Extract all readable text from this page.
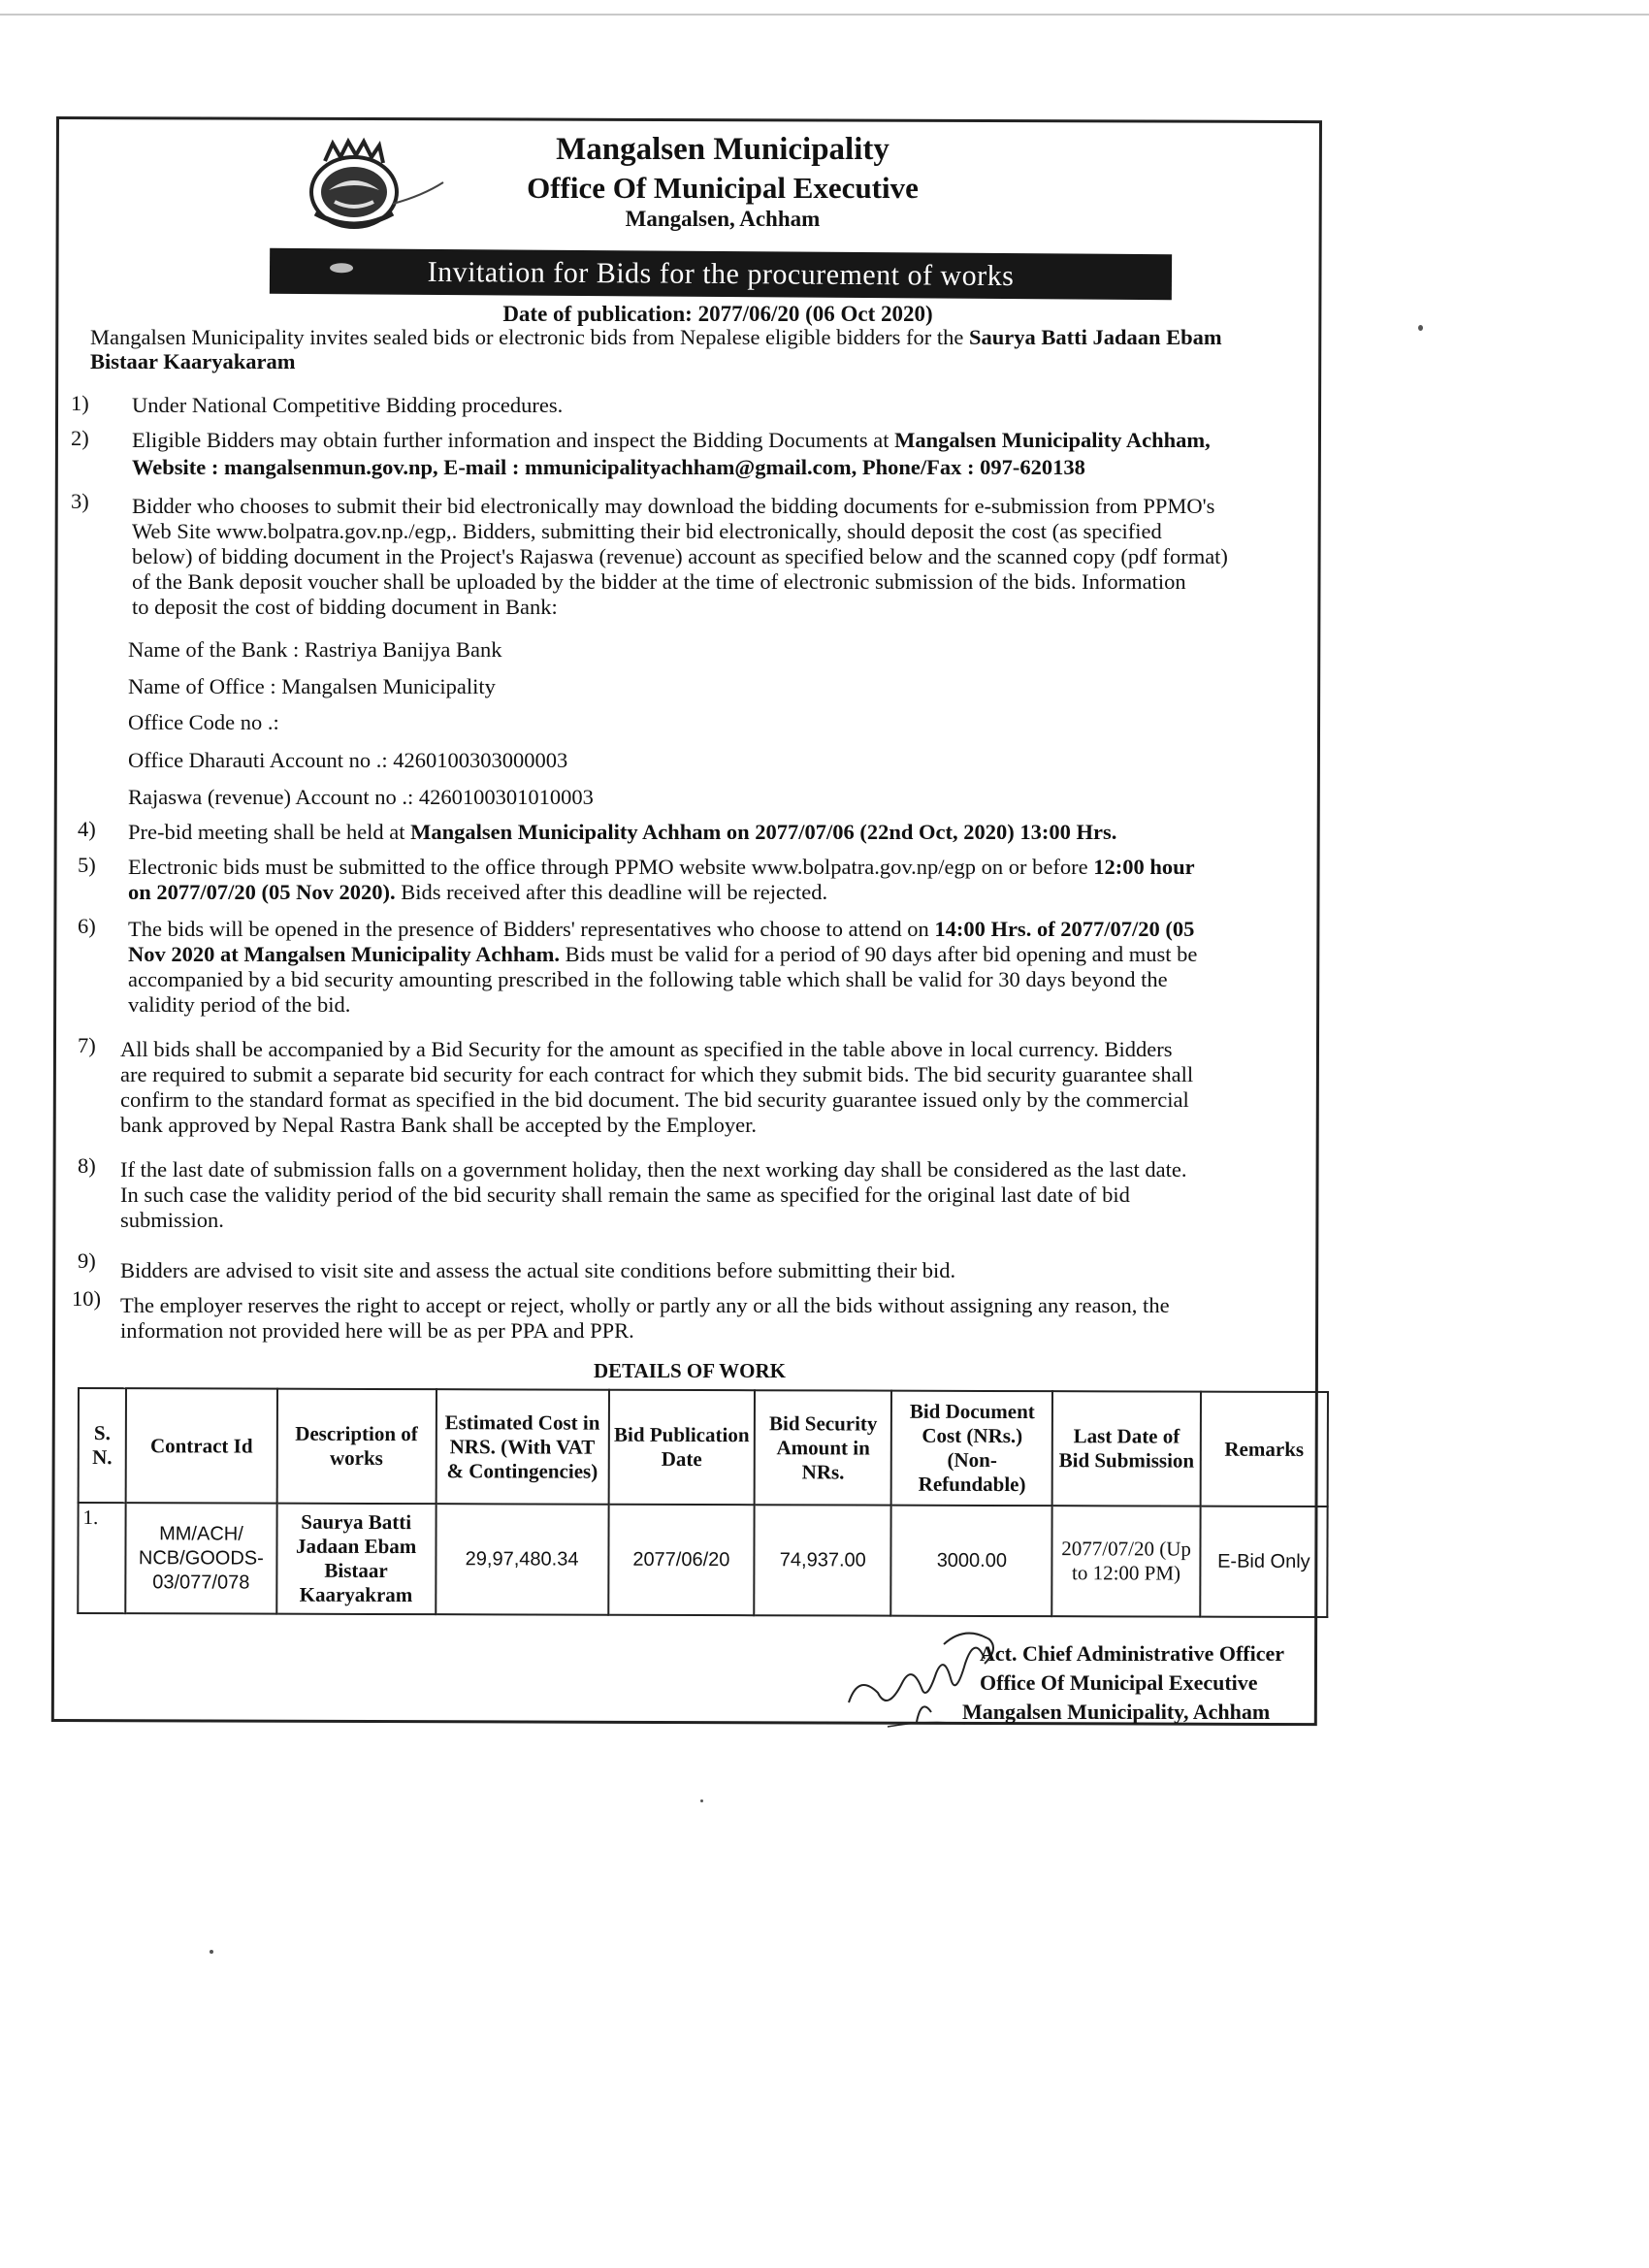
Mangalsen Municipality
Office Of Municipal Executive
Mangalsen, Achham
Invitation for Bids for the procurement of works
Date of publication: 2077/06/20 (06 Oct 2020)
Mangalsen Municipality invites sealed bids or electronic bids from Nepalese eligible bidders for the Saurya Batti Jadaan Ebam
Bistaar Kaaryakaram
1) Under National Competitive Bidding procedures.
2) Eligible Bidders may obtain further information and inspect the Bidding Documents at Mangalsen Municipality Achham,
Website : mangalsenmun.gov.np, E-mail : mmunicipalityachham@gmail.com, Phone/Fax : 097-620138
3) Bidder who chooses to submit their bid electronically may download the bidding documents for e-submission from PPMO's
Web Site www.bolpatra.gov.np./egp,. Bidders, submitting their bid electronically, should deposit the cost (as specified
below) of bidding document in the Project's Rajaswa (revenue) account as specified below and the scanned copy (pdf format)
of the Bank deposit voucher shall be uploaded by the bidder at the time of electronic submission of the bids. Information
to deposit the cost of bidding document in Bank:
Name of the Bank : Rastriya Banijya Bank
Name of Office : Mangalsen Municipality
Office Code no .:
Office Dharauti Account no .: 4260100303000003
Rajaswa (revenue) Account no .: 4260100301010003
4) Pre-bid meeting shall be held at Mangalsen Municipality Achham on 2077/07/06 (22nd Oct, 2020) 13:00 Hrs.
5) Electronic bids must be submitted to the office through PPMO website www.bolpatra.gov.np/egp on or before 12:00 hour
on 2077/07/20 (05 Nov 2020). Bids received after this deadline will be rejected.
6) The bids will be opened in the presence of Bidders' representatives who choose to attend on 14:00 Hrs. of 2077/07/20 (05
Nov 2020 at Mangalsen Municipality Achham. Bids must be valid for a period of 90 days after bid opening and must be
accompanied by a bid security amounting prescribed in the following table which shall be valid for 30 days beyond the
validity period of the bid.
7) All bids shall be accompanied by a Bid Security for the amount as specified in the table above in local currency. Bidders
are required to submit a separate bid security for each contract for which they submit bids. The bid security guarantee shall
confirm to the standard format as specified in the bid document. The bid security guarantee issued only by the commercial
bank approved by Nepal Rastra Bank shall be accepted by the Employer.
8) If the last date of submission falls on a government holiday, then the next working day shall be considered as the last date.
In such case the validity period of the bid security shall remain the same as specified for the original last date of bid
submission.
9) Bidders are advised to visit site and assess the actual site conditions before submitting their bid.
10) The employer reserves the right to accept or reject, wholly or partly any or all the bids without assigning any reason, the
information not provided here will be as per PPA and PPR.
DETAILS OF WORK
S. N.	Contract Id	Description of works	Estimated Cost in NRS. (With VAT & Contingencies)	Bid Publication Date	Bid Security Amount in NRs.	Bid Document Cost (NRs.) (Non-Refundable)	Last Date of Bid Submission	Remarks
1.	MM/ACH/ NCB/GOODS-03/077/078	Saurya Batti Jadaan Ebam Bistaar Kaaryakram	29,97,480.34	2077/06/20	74,937.00	3000.00	2077/07/20 (Up to 12:00 PM)	E-Bid Only
Act. Chief Administrative Officer
Office Of Municipal Executive
Mangalsen Municipality, Achham
